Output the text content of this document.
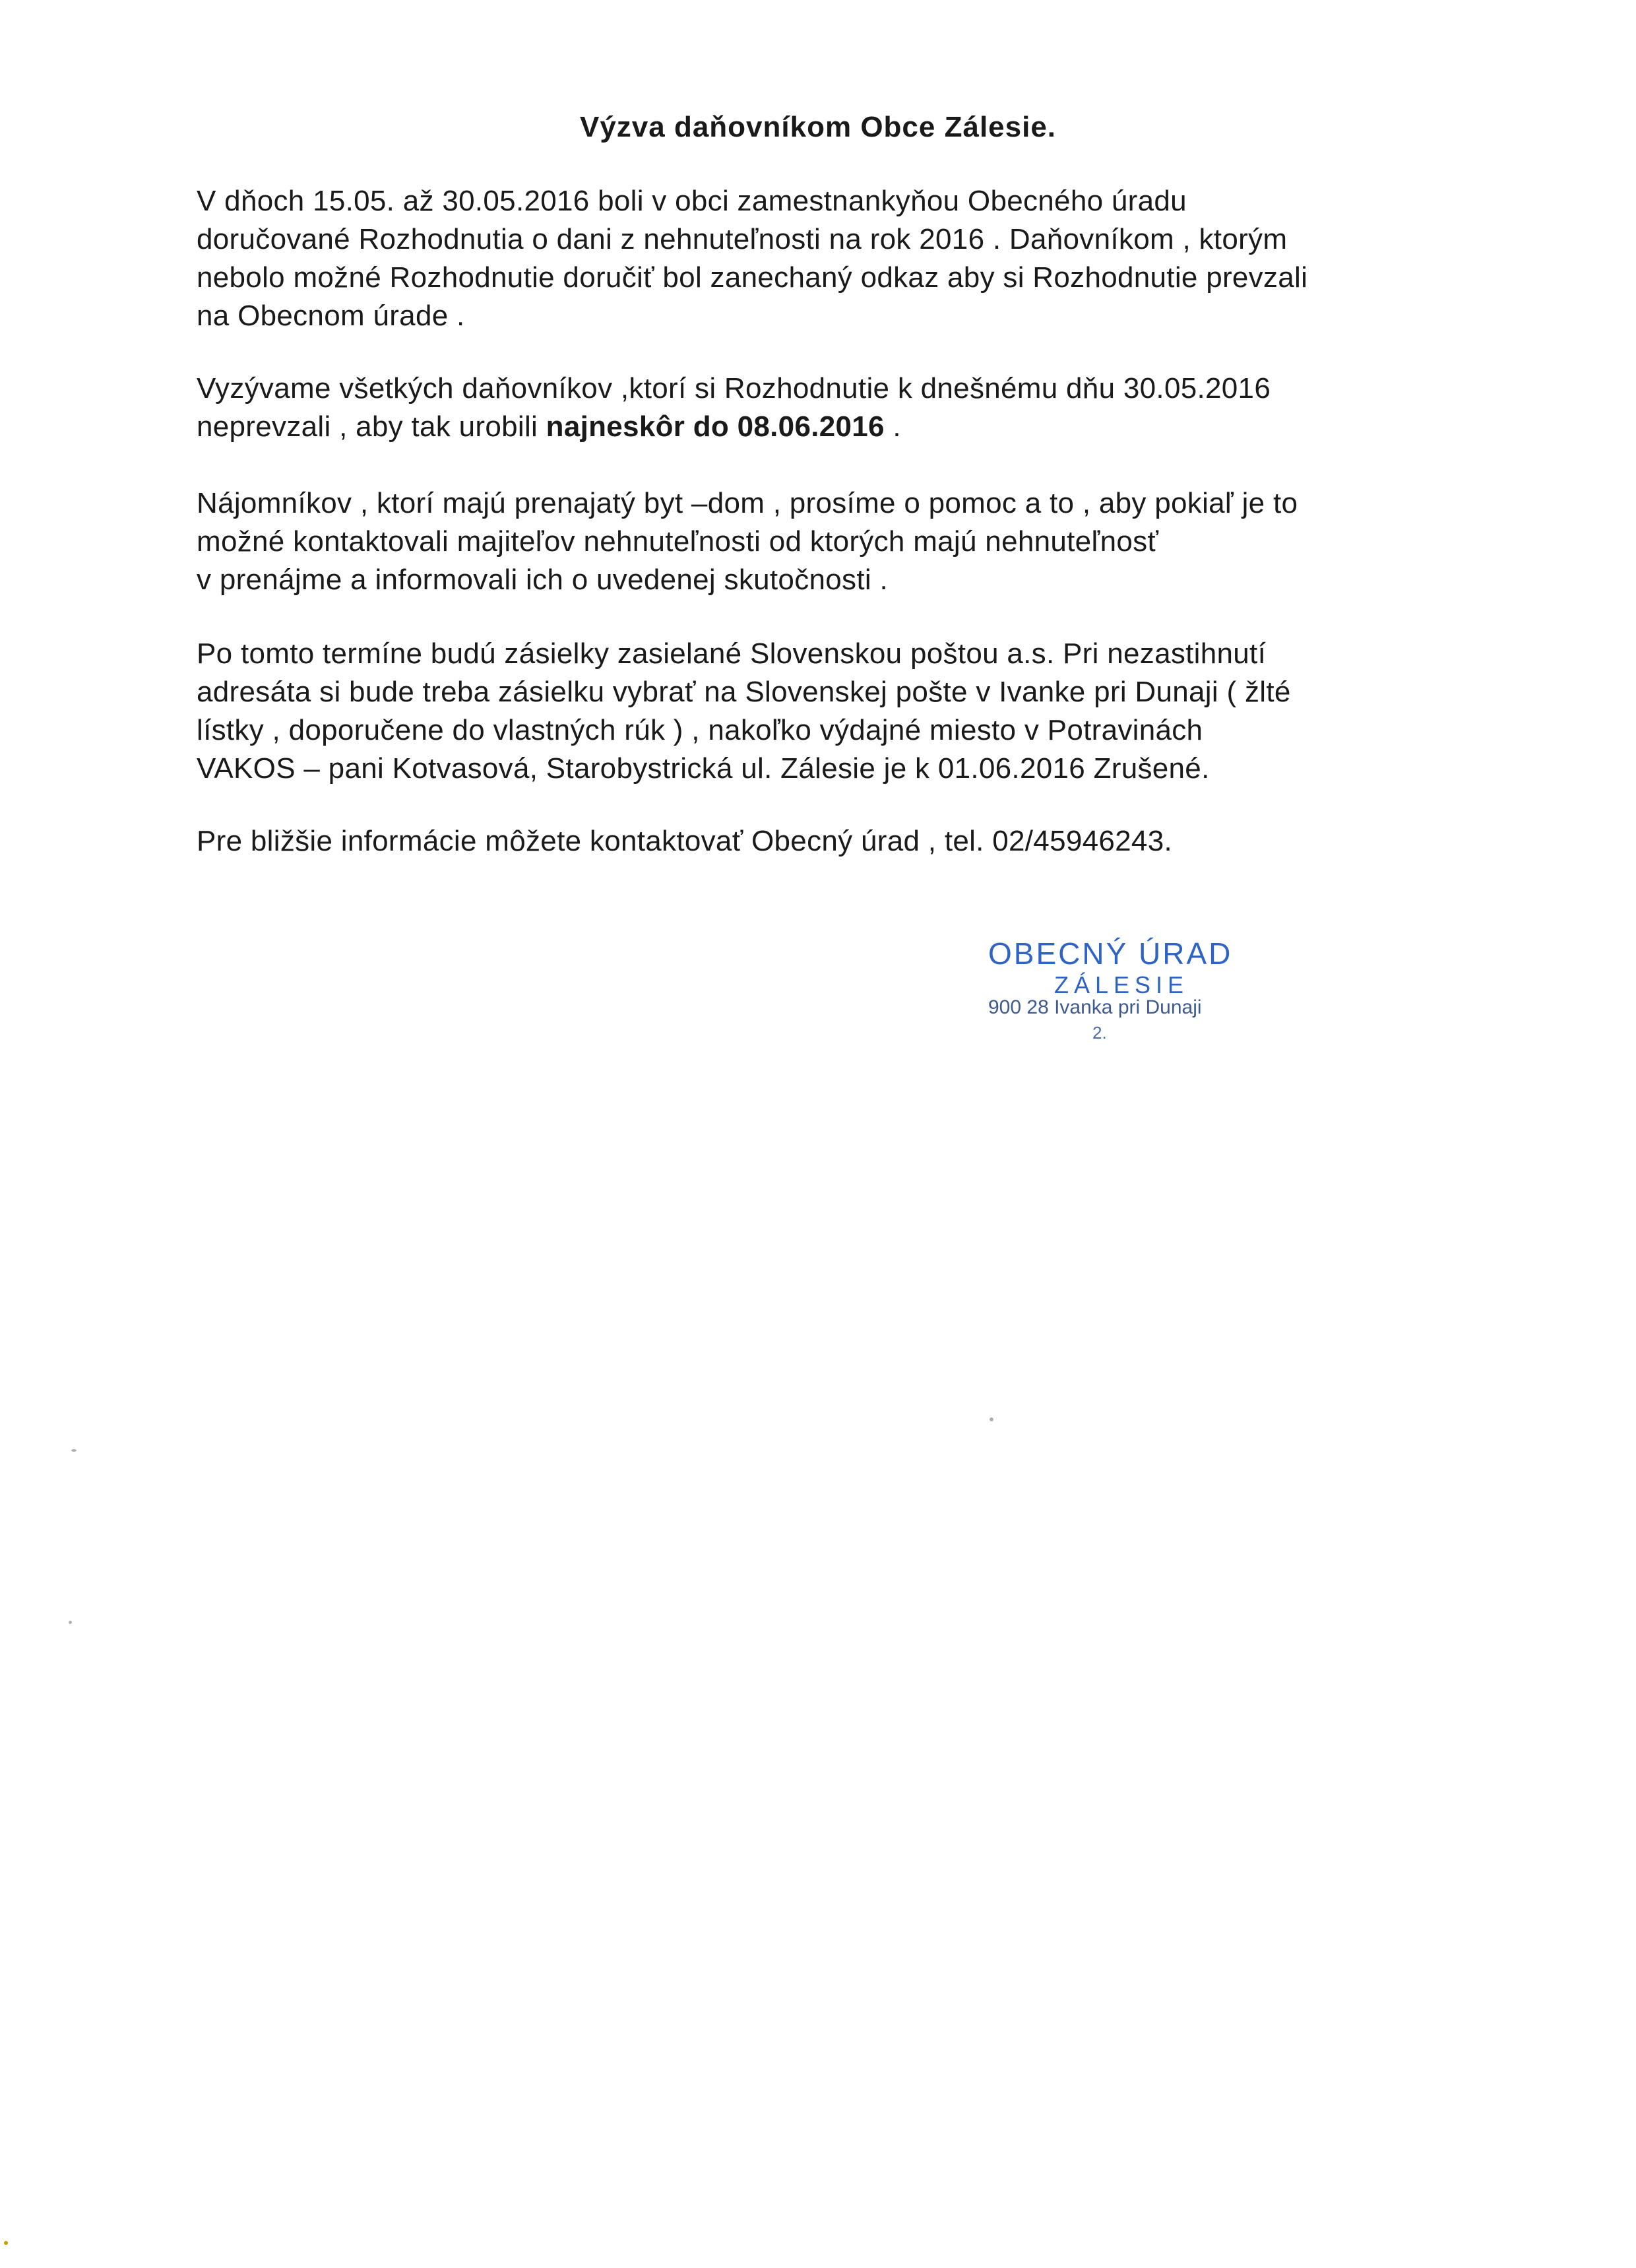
Výzva daňovníkom Obce Zálesie.

V dňoch 15.05. až 30.05.2016 boli v obci zamestnankyňou Obecného úradu
doručované Rozhodnutia o dani z nehnuteľnosti na rok 2016 . Daňovníkom , ktorým
nebolo možné Rozhodnutie doručiť bol zanechaný odkaz aby si Rozhodnutie prevzali
na Obecnom úrade .

Vyzývame všetkých daňovníkov ,ktorí si Rozhodnutie k dnešnému dňu 30.05.2016
neprevzali , aby tak urobili najneskôr do 08.06.2016 .

Nájomníkov , ktorí majú prenajatý byt –dom , prosíme o pomoc a to , aby pokiaľ je to
možné kontaktovali majiteľov nehnuteľnosti od ktorých majú nehnuteľnosť
v prenájme a informovali ich o uvedenej skutočnosti .

Po tomto termíne budú zásielky zasielané Slovenskou poštou a.s. Pri nezastihnutí
adresáta si bude treba zásielku vybrať na Slovenskej pošte v Ivanke pri Dunaji ( žlté
lístky , doporučene do vlastných rúk ) , nakoľko výdajné miesto v Potravinách
VAKOS – pani Kotvasová, Starobystrická ul. Zálesie je k 01.06.2016 Zrušené.

Pre bližšie informácie môžete kontaktovať Obecný úrad , tel. 02/45946243.

OBECNÝ ÚRAD
ZÁLESIE
900 28 Ivanka pri Dunaji
2.
